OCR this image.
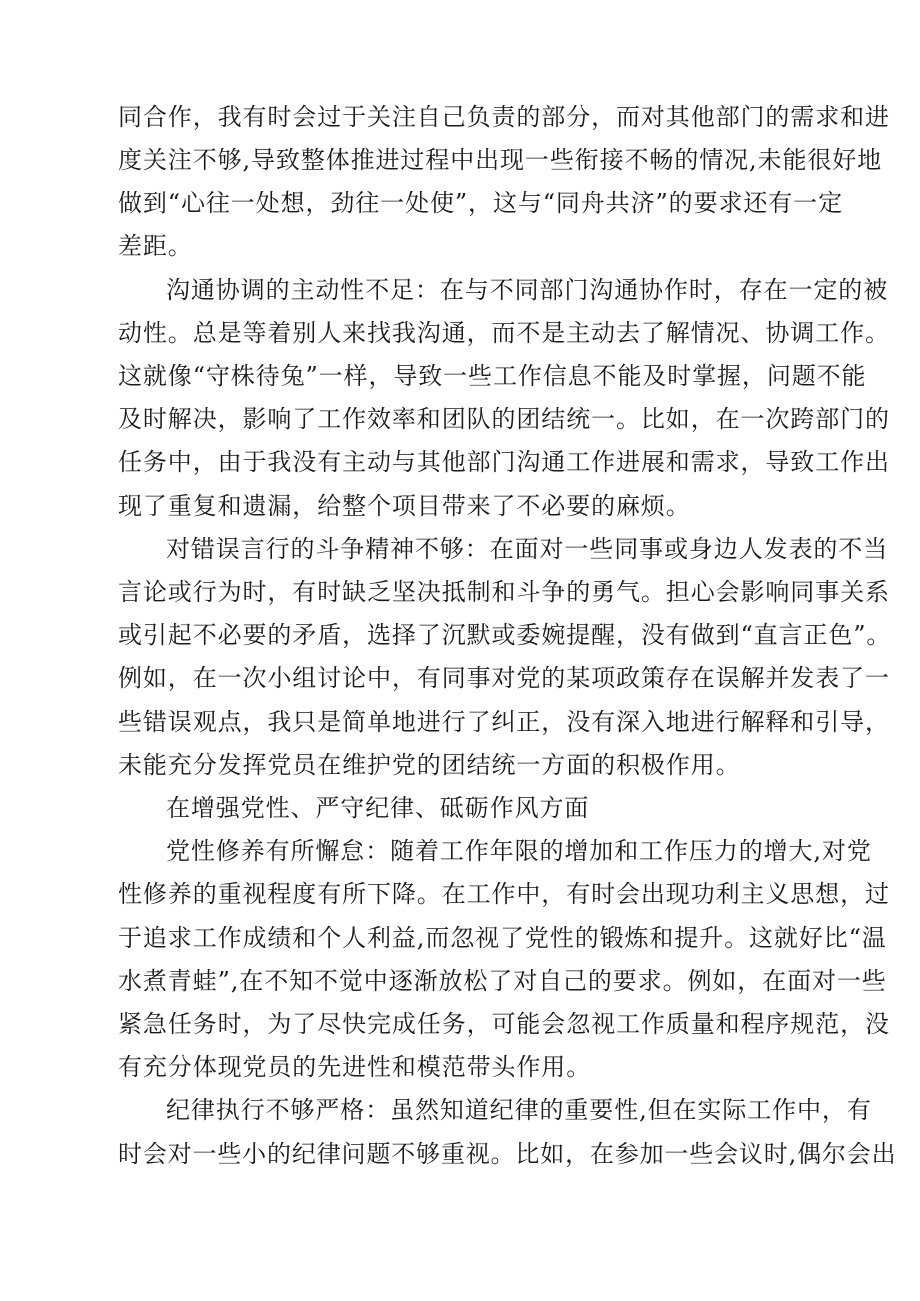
同合作，我有时会过于关注自己负责的部分，而对其他部门的需求和进

度关注不够,导致整体推进过程中出现一些衔接不畅的情况,未能很好地

做到“心往一处想，劲往一处使”，这与“同舟共济”的要求还有一定

差距。

沟通协调的主动性不足：在与不同部门沟通协作时，存在一定的被

动性。总是等着别人来找我沟通，而不是主动去了解情况、协调工作。

这就像“守株待兔”一样，导致一些工作信息不能及时掌握，问题不能

及时解决，影响了工作效率和团队的团结统一。比如，在一次跨部门的

任务中，由于我没有主动与其他部门沟通工作进展和需求，导致工作出

现了重复和遗漏，给整个项目带来了不必要的麻烦。

对错误言行的斗争精神不够：在面对一些同事或身边人发表的不当

言论或行为时，有时缺乏坚决抵制和斗争的勇气。担心会影响同事关系

或引起不必要的矛盾，选择了沉默或委婉提醒，没有做到“直言正色”。

例如，在一次小组讨论中，有同事对党的某项政策存在误解并发表了一

些错误观点，我只是简单地进行了纠正，没有深入地进行解释和引导，

未能充分发挥党员在维护党的团结统一方面的积极作用。

在增强党性、严守纪律、砥砺作风方面

党性修养有所懈怠：随着工作年限的增加和工作压力的增大,对党

性修养的重视程度有所下降。在工作中，有时会出现功利主义思想，过

于追求工作成绩和个人利益,而忽视了党性的锻炼和提升。这就好比“温

水煮青蛙”,在不知不觉中逐渐放松了对自己的要求。例如，在面对一些

紧急任务时，为了尽快完成任务，可能会忽视工作质量和程序规范，没

有充分体现党员的先进性和模范带头作用。

纪律执行不够严格：虽然知道纪律的重要性,但在实际工作中，有

时会对一些小的纪律问题不够重视。比如，在参加一些会议时,偶尔会出
